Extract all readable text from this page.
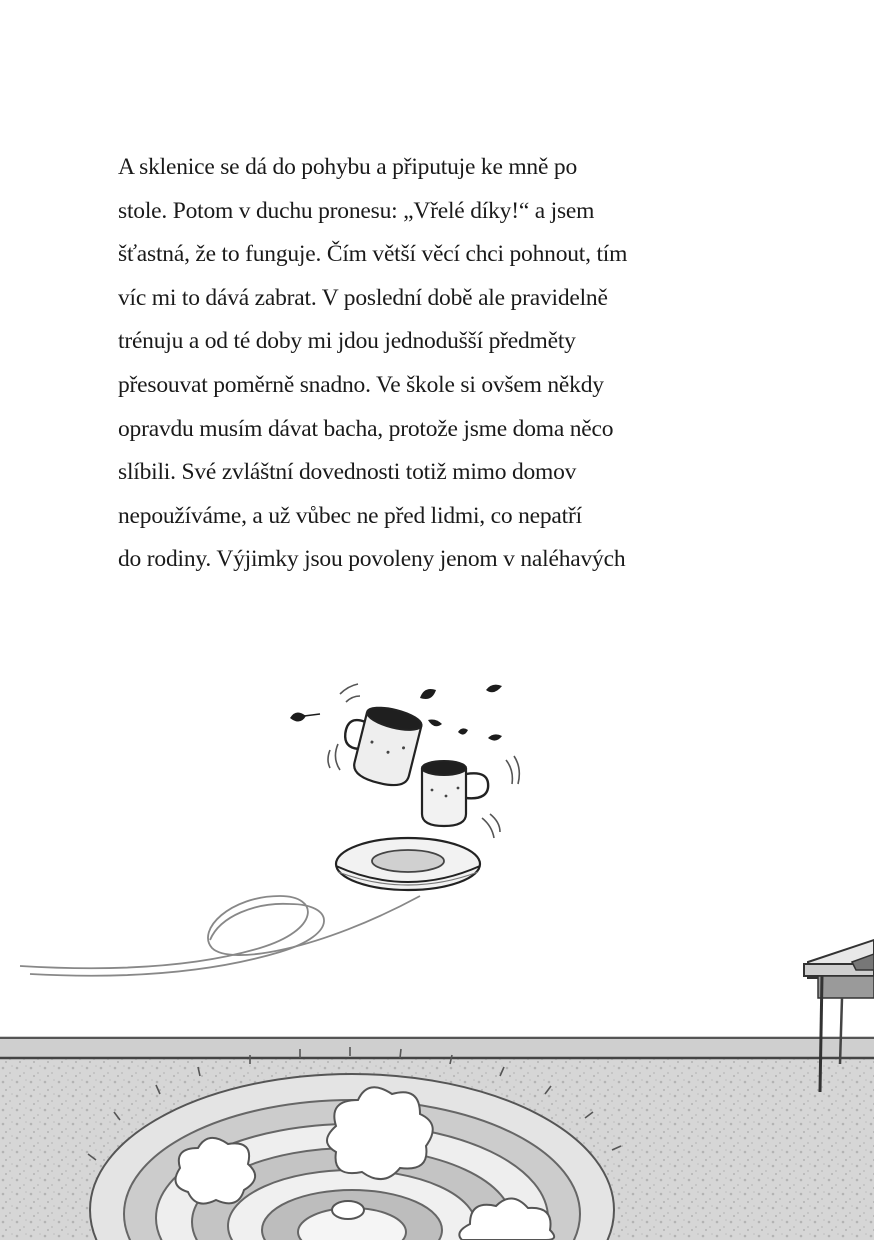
A sklenice se dá do pohybu a připutuje ke mně po
stole. Potom v duchu pronesu: „Vřelé díky!“ a jsem
šťastná, že to funguje. Čím větší věcí chci pohnout, tím
víc mi to dává zabrat. V poslední době ale pravidelně
trénuju a od té doby mi jdou jednodušší předměty
přesouvat poměrně snadno. Ve škole si ovšem někdy
opravdu musím dávat bacha, protože jsme doma něco
slíbili. Své zvláštní dovednosti totiž mimo domov
nepoužíváme, a už vůbec ne před lidmi, co nepatří
do rodiny. Výjimky jsou povoleny jenom v naléhavých
